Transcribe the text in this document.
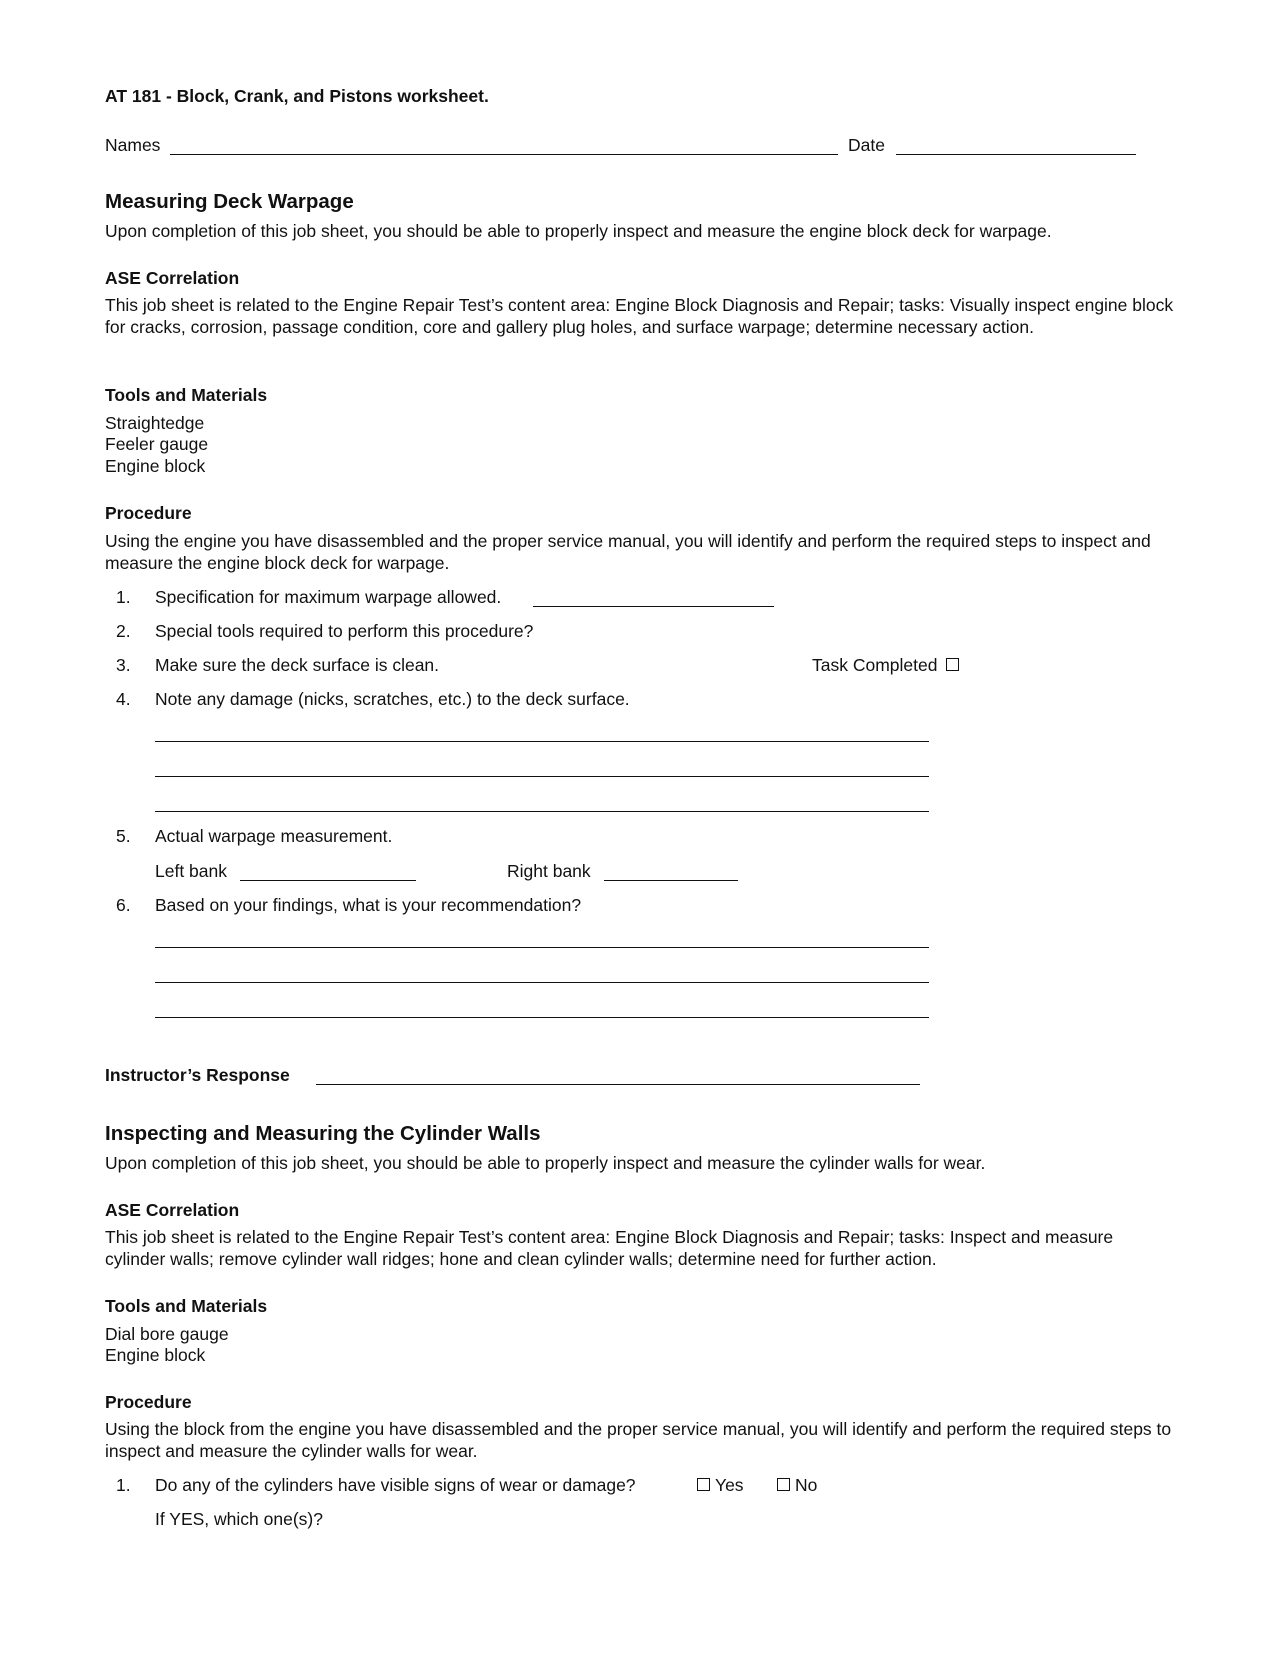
AT 181 - Block, Crank, and Pistons worksheet.
Names	Date
Measuring Deck Warpage
Upon completion of this job sheet, you should be able to properly inspect and measure the engine block deck for warpage.
ASE Correlation
This job sheet is related to the Engine Repair Test’s content area: Engine Block Diagnosis and Repair; tasks: Visually inspect engine block for cracks, corrosion, passage condition, core and gallery plug holes, and surface warpage; determine necessary action.
Tools and Materials
Straightedge
Feeler gauge
Engine block
Procedure
Using the engine you have disassembled and the proper service manual, you will identify and perform the required steps to inspect and measure the engine block deck for warpage.
1. Specification for maximum warpage allowed.
2. Special tools required to perform this procedure?
3. Make sure the deck surface is clean.	Task Completed
4. Note any damage (nicks, scratches, etc.) to the deck surface.
5. Actual warpage measurement.
Left bank	Right bank
6. Based on your findings, what is your recommendation?
Instructor’s Response
Inspecting and Measuring the Cylinder Walls
Upon completion of this job sheet, you should be able to properly inspect and measure the cylinder walls for wear.
ASE Correlation
This job sheet is related to the Engine Repair Test’s content area: Engine Block Diagnosis and Repair; tasks: Inspect and measure cylinder walls; remove cylinder wall ridges; hone and clean cylinder walls; determine need for further action.
Tools and Materials
Dial bore gauge
Engine block
Procedure
Using the block from the engine you have disassembled and the proper service manual, you will identify and perform the required steps to inspect and measure the cylinder walls for wear.
1. Do any of the cylinders have visible signs of wear or damage?	Yes	No
If YES, which one(s)?
